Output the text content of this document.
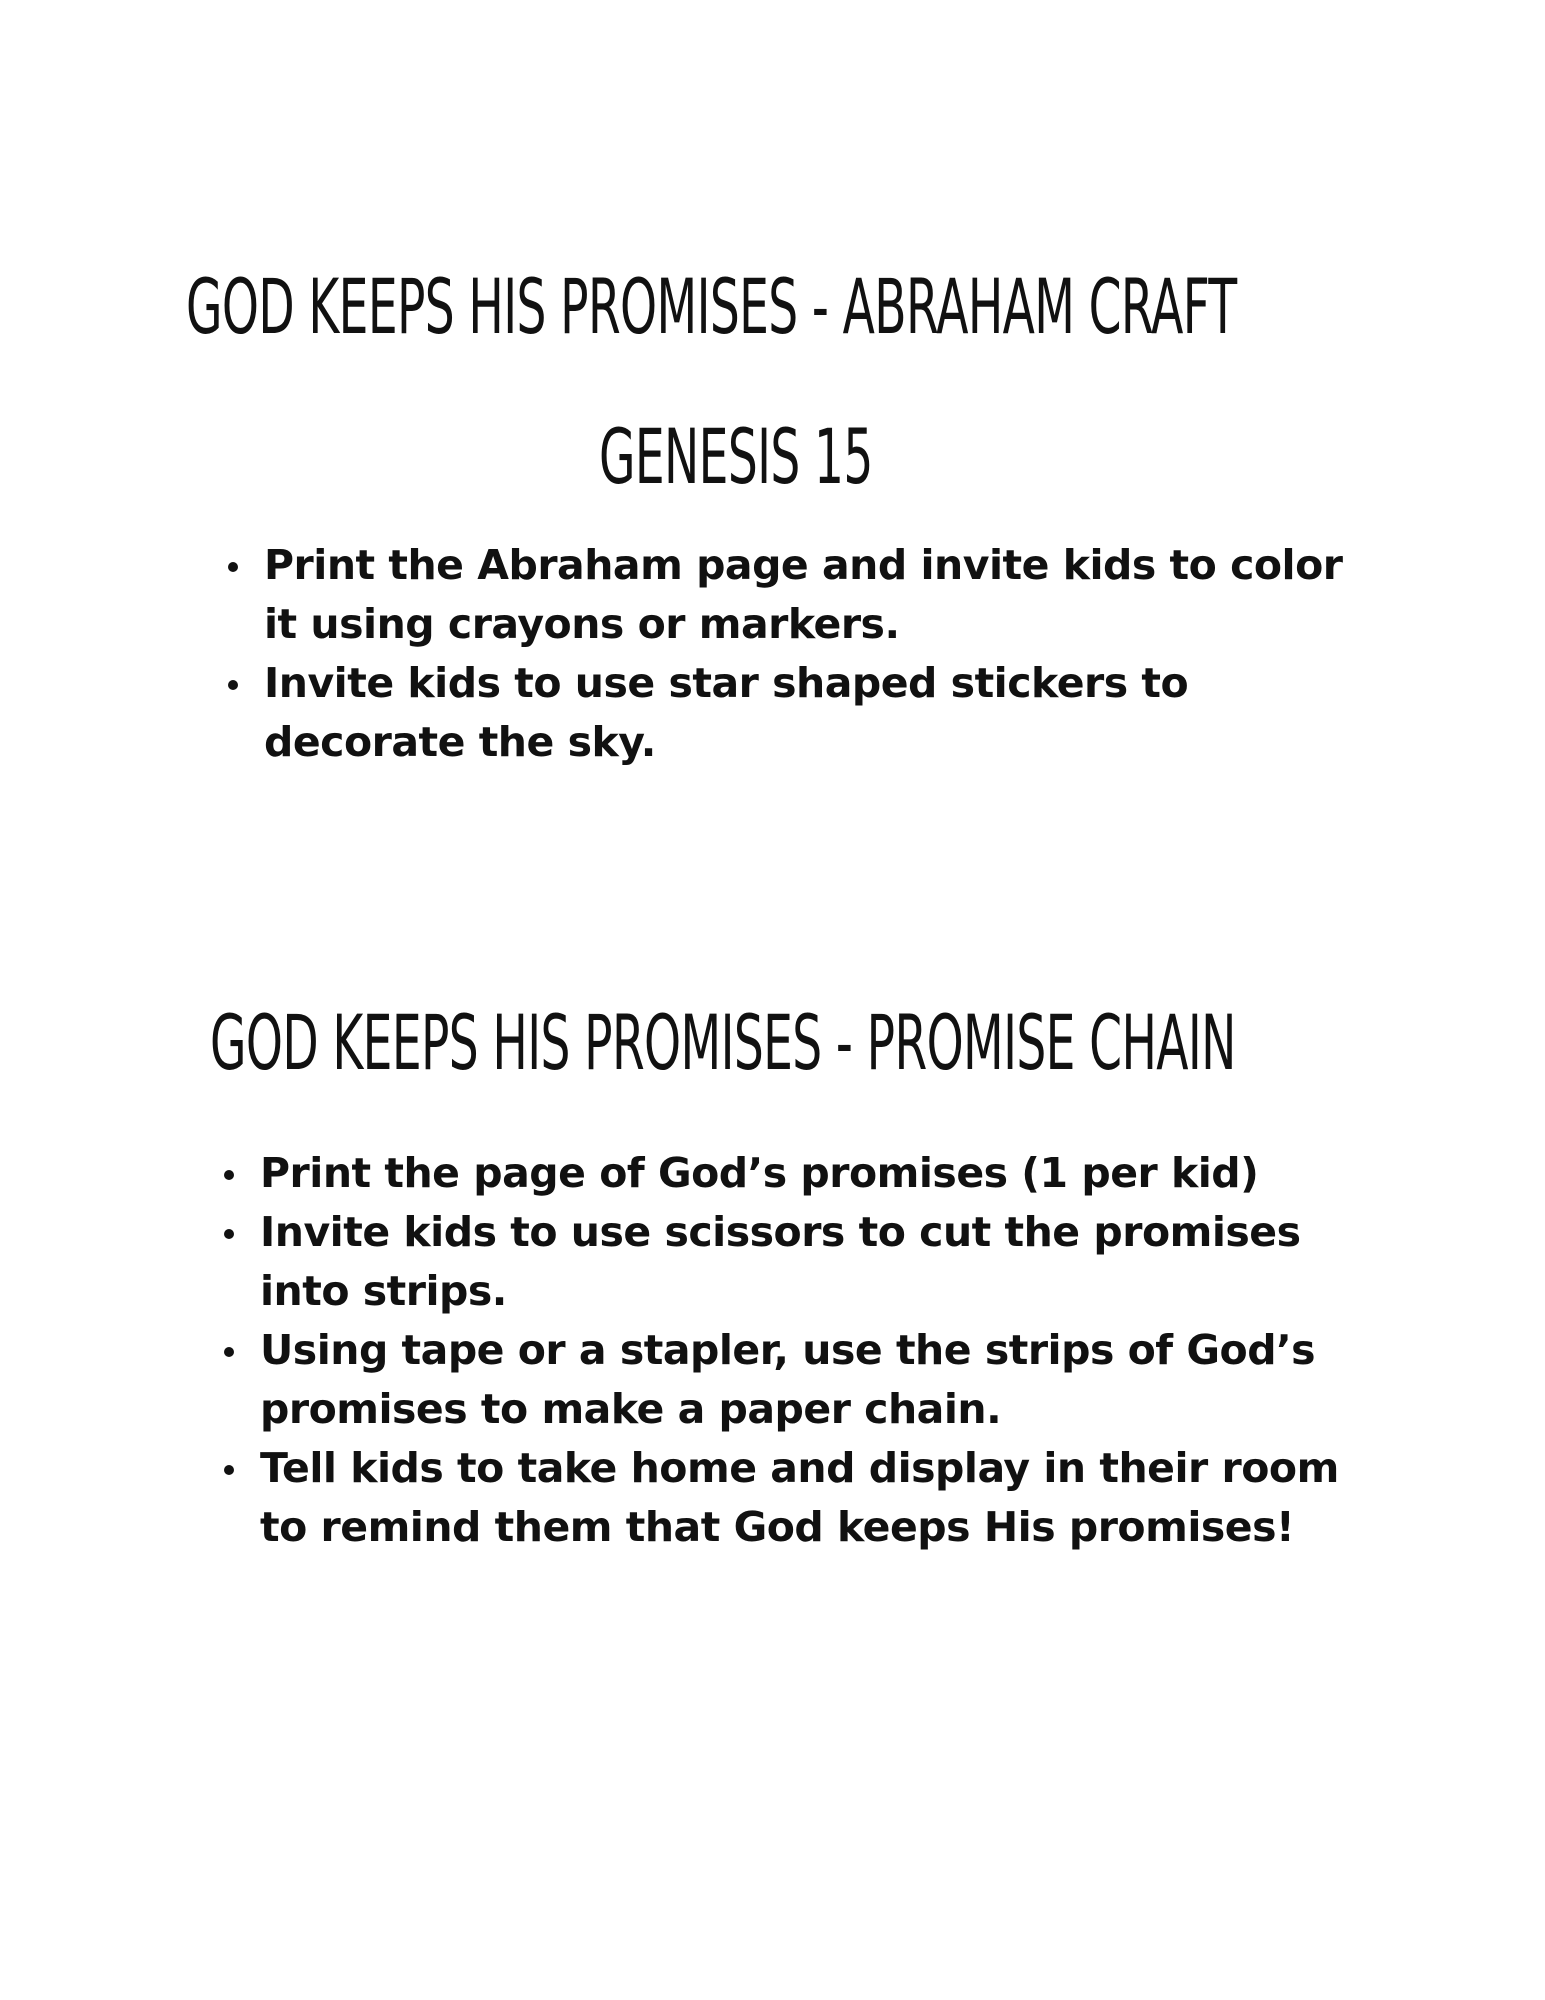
GOD KEEPS HIS PROMISES - ABRAHAM CRAFT
GENESIS 15
Print the Abraham page and invite kids to color it using crayons or markers.
Invite kids to use star shaped stickers to decorate the sky.
GOD KEEPS HIS PROMISES - PROMISE CHAIN
Print the page of God’s promises (1 per kid)
Invite kids to use scissors to cut the promises into strips.
Using tape or a stapler, use the strips of God’s promises to make a paper chain.
Tell kids to take home and display in their room to remind them that God keeps His promises!
